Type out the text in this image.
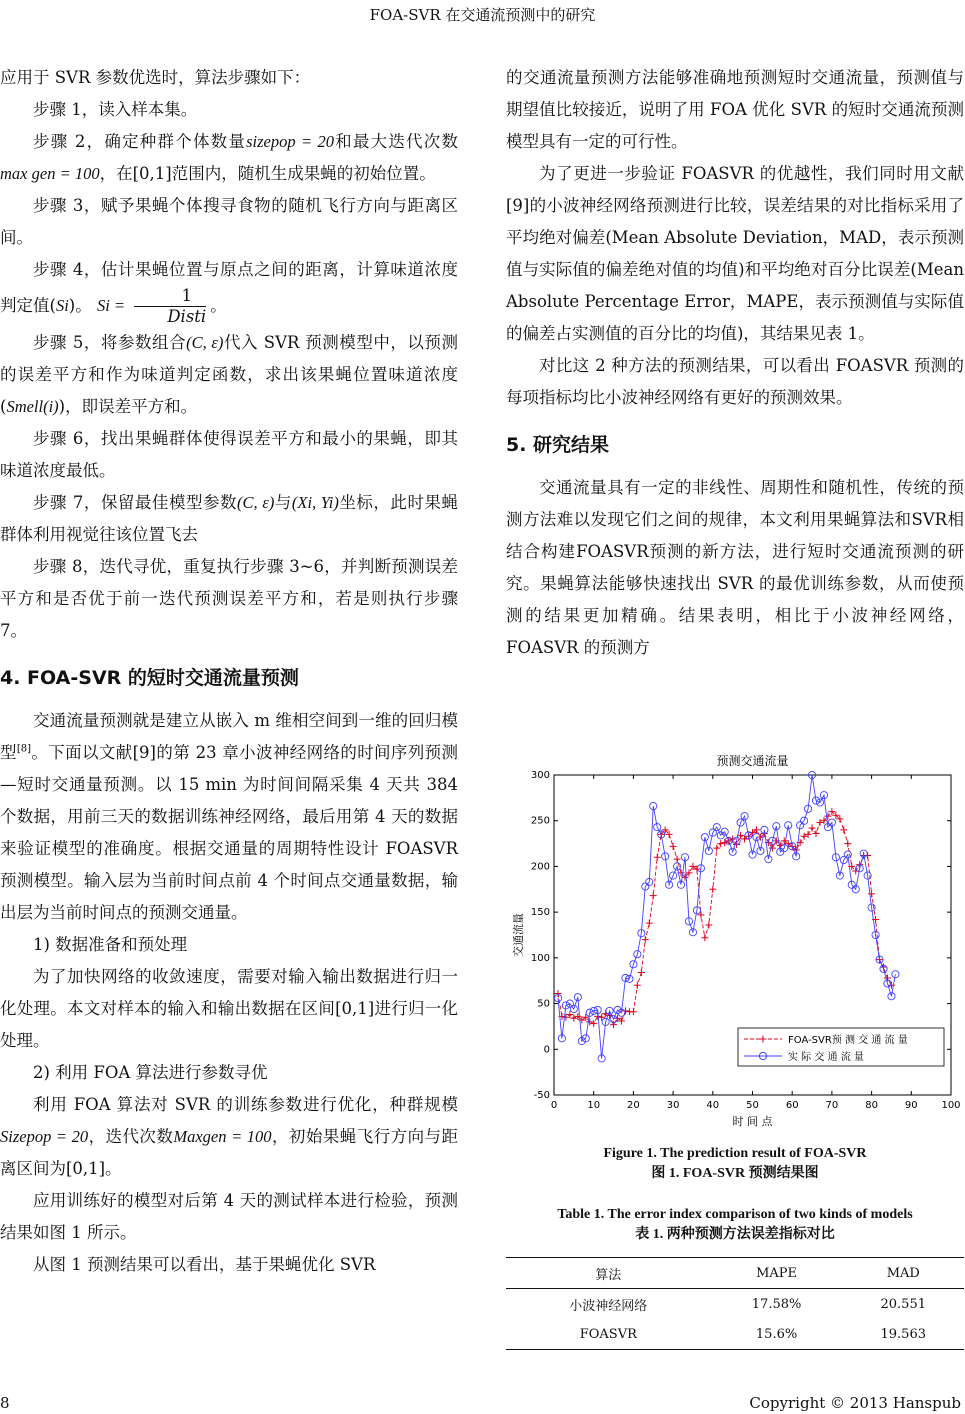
FOA-SVR 在交通流预测中的研究

应用于 SVR 参数优选时，算法步骤如下：

步骤 1，读入样本集。

步骤 2，确定种群个体数量sizepop = 20和最大迭代次数max gen = 100，在[0,1]范围内，随机生成果蝇的初始位置。

步骤 3，赋予果蝇个体搜寻食物的随机飞行方向与距离区间。

步骤 4，估计果蝇位置与原点之间的距离，计算味道浓度判定值(Si)。 $Si = \frac{1}{\text{Disti}}$ 。

步骤 5，将参数组合(C, ε)代入 SVR 预测模型中，以预测的误差平方和作为味道判定函数，求出该果蝇位置味道浓度(Smell(i))，即误差平方和。

步骤 6，找出果蝇群体使得误差平方和最小的果蝇，即其味道浓度最低。

步骤 7，保留最佳模型参数(C, ε)与(Xi, Yi)坐标，此时果蝇群体利用视觉往该位置飞去

步骤 8，迭代寻优，重复执行步骤 3~6，并判断预测误差平方和是否优于前一迭代预测误差平方和，若是则执行步骤 7。

4. FOA-SVR 的短时交通流量预测

交通流量预测就是建立从嵌入 m 维相空间到一维的回归模型[8]。下面以文献[9]的第 23 章小波神经网络的时间序列预测—短时交通量预测。以 15 min 为时间间隔采集 4 天共 384 个数据，用前三天的数据训练神经网络，最后用第 4 天的数据来验证模型的准确度。根据交通量的周期特性设计 FOASVR 预测模型。输入层为当前时间点前 4 个时间点交通量数据，输出层为当前时间点的预测交通量。

1) 数据准备和预处理

为了加快网络的收敛速度，需要对输入输出数据进行归一化处理。本文对样本的输入和输出数据在区间[0,1]进行归一化处理。

2) 利用 FOA 算法进行参数寻优

利用 FOA 算法对 SVR 的训练参数进行优化，种群规模Sizepop = 20，迭代次数Maxgen = 100，初始果蝇飞行方向与距离区间为[0,1]。

应用训练好的模型对后第 4 天的测试样本进行检验，预测结果如图 1 所示。

从图 1 预测结果可以看出，基于果蝇优化 SVR

的交通流量预测方法能够准确地预测短时交通流量，预测值与期望值比较接近，说明了用 FOA 优化 SVR 的短时交通流预测模型具有一定的可行性。

为了更进一步验证 FOASVR 的优越性，我们同时用文献[9]的小波神经网络预测进行比较，误差结果的对比指标采用了平均绝对偏差(Mean Absolute Deviation，MAD，表示预测值与实际值的偏差绝对值的均值)和平均绝对百分比误差(Mean Absolute Percentage Error，MAPE，表示预测值与实际值的偏差占实测值的百分比的均值)，其结果见表 1。

对比这 2 种方法的预测结果，可以看出 FOASVR 预测的每项指标均比小波神经网络有更好的预测效果。

5. 研究结果

交通流量具有一定的非线性、周期性和随机性，传统的预测方法难以发现它们之间的规律，本文利用果蝇算法和SVR相结合构建FOASVR预测的新方法，进行短时交通流预测的研究。果蝇算法能够快速找出 SVR 的最优训练参数，从而使预测的结果更加精确。结果表明，相比于小波神经网络，FOASVR 的预测方

预测交通流量
0	10	20	30	40	50	60	70	80	90 100
-50
0
50
100
150
200
250
300
时 间 点
交通流量
FOA-SVR预 测 交 通 流 量
实 际 交 通 流 量
Figure 1. The prediction result of FOA-SVR
图 1. FOA-SVR 预测结果图
Table 1. The error index comparison of two kinds of models
表 1. 两种预测方法误差指标对比
算法	MAPE	MAD
小波神经网络	17.58%	20.551
FOASVR	15.6%	19.563
8	Copyright © 2013 Hanspub
